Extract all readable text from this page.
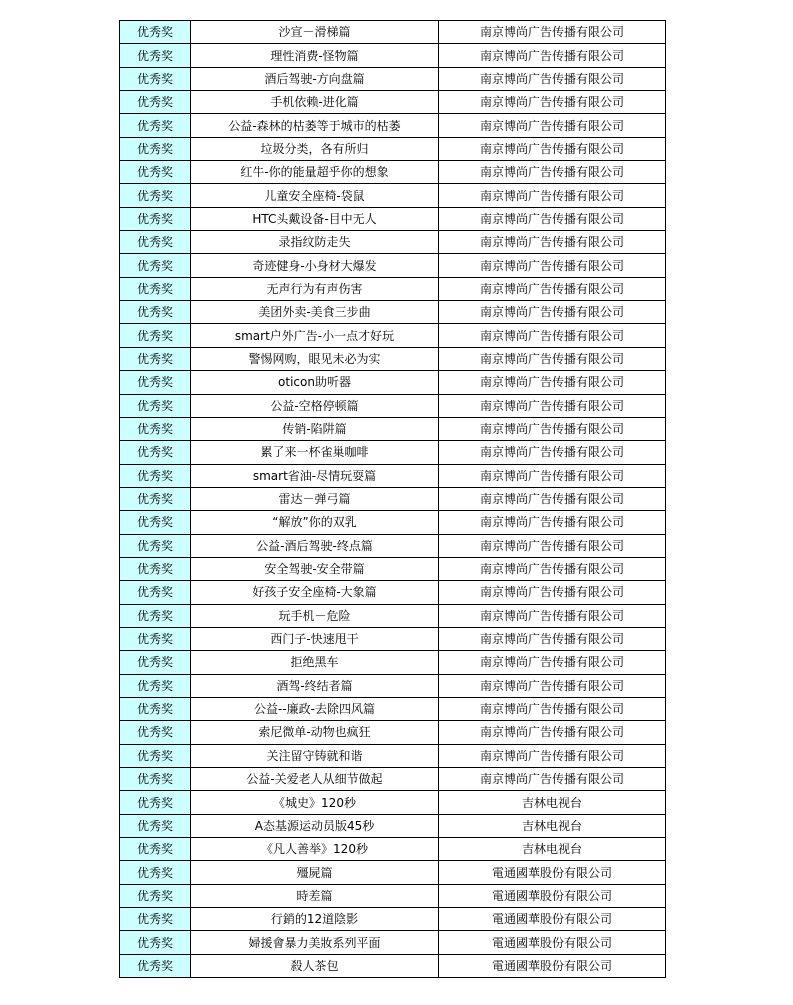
优秀奖	沙宣－滑梯篇	南京博尚广告传播有限公司
优秀奖	理性消费-怪物篇	南京博尚广告传播有限公司
优秀奖	酒后驾驶-方向盘篇	南京博尚广告传播有限公司
优秀奖	手机依赖-进化篇	南京博尚广告传播有限公司
优秀奖	公益-森林的枯萎等于城市的枯萎	南京博尚广告传播有限公司
优秀奖	垃圾分类，各有所归	南京博尚广告传播有限公司
优秀奖	红牛-你的能量超乎你的想象	南京博尚广告传播有限公司
优秀奖	儿童安全座椅-袋鼠	南京博尚广告传播有限公司
优秀奖	HTC头戴设备-目中无人	南京博尚广告传播有限公司
优秀奖	录指纹防走失	南京博尚广告传播有限公司
优秀奖	奇迹健身-小身材大爆发	南京博尚广告传播有限公司
优秀奖	无声行为有声伤害	南京博尚广告传播有限公司
优秀奖	美团外卖-美食三步曲	南京博尚广告传播有限公司
优秀奖	smart户外广告-小一点才好玩	南京博尚广告传播有限公司
优秀奖	警惕网购，眼见未必为实	南京博尚广告传播有限公司
优秀奖	oticon助听器	南京博尚广告传播有限公司
优秀奖	公益-空格停顿篇	南京博尚广告传播有限公司
优秀奖	传销-陷阱篇	南京博尚广告传播有限公司
优秀奖	累了来一杯雀巢咖啡	南京博尚广告传播有限公司
优秀奖	smart省油-尽情玩耍篇	南京博尚广告传播有限公司
优秀奖	雷达－弹弓篇	南京博尚广告传播有限公司
优秀奖	“解放”你的双乳	南京博尚广告传播有限公司
优秀奖	公益-酒后驾驶-终点篇	南京博尚广告传播有限公司
优秀奖	安全驾驶-安全带篇	南京博尚广告传播有限公司
优秀奖	好孩子安全座椅-大象篇	南京博尚广告传播有限公司
优秀奖	玩手机－危险	南京博尚广告传播有限公司
优秀奖	西门子-快速甩干	南京博尚广告传播有限公司
优秀奖	拒绝黑车	南京博尚广告传播有限公司
优秀奖	酒驾-终结者篇	南京博尚广告传播有限公司
优秀奖	公益--廉政-去除四风篇	南京博尚广告传播有限公司
优秀奖	索尼微单-动物也疯狂	南京博尚广告传播有限公司
优秀奖	关注留守铸就和谐	南京博尚广告传播有限公司
优秀奖	公益-关爱老人从细节做起	南京博尚广告传播有限公司
优秀奖	《城史》120秒	吉林电视台
优秀奖	A态基源运动员版45秒	吉林电视台
优秀奖	《凡人善举》120秒	吉林电视台
优秀奖	殭屍篇	電通國華股份有限公司
优秀奖	時差篇	電通國華股份有限公司
优秀奖	行銷的12道陰影	電通國華股份有限公司
优秀奖	婦援會暴力美妝系列平面	電通國華股份有限公司
优秀奖	殺人茶包	電通國華股份有限公司
